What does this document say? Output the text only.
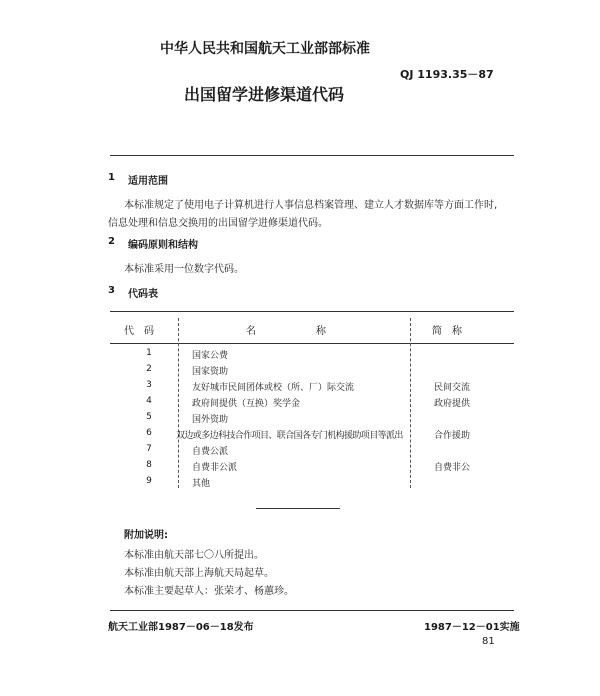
中华人民共和国航天工业部部标准
QJ 1193.35－87
出国留学进修渠道代码
1 适用范围
本标准规定了使用电子计算机进行人事信息档案管理、建立人才数据库等方面工作时,
信息处理和信息交换用的出国留学进修渠道代码。
2 编码原则和结构
本标准采用一位数字代码。
3 代码表
代　码	名　　　　　　称	简　称
1	国家公费
2	国家资助
3	友好城市民间团体或校（所、厂）际交流	民间交流
4	政府间提供（互换）奖学金	政府提供
5	国外资助
6	双边或多边科技合作项目、联合国各专门机构援助项目等派出	合作援助
7	自费公派
8	自费非公派	自费非公
9	其他
附加说明:
本标准由航天部七〇八所提出。
本标准由航天部上海航天局起草。
本标准主要起草人：张荣才、杨蕙珍。
航天工业部1987－06－18发布	1987－12－01实施
81
